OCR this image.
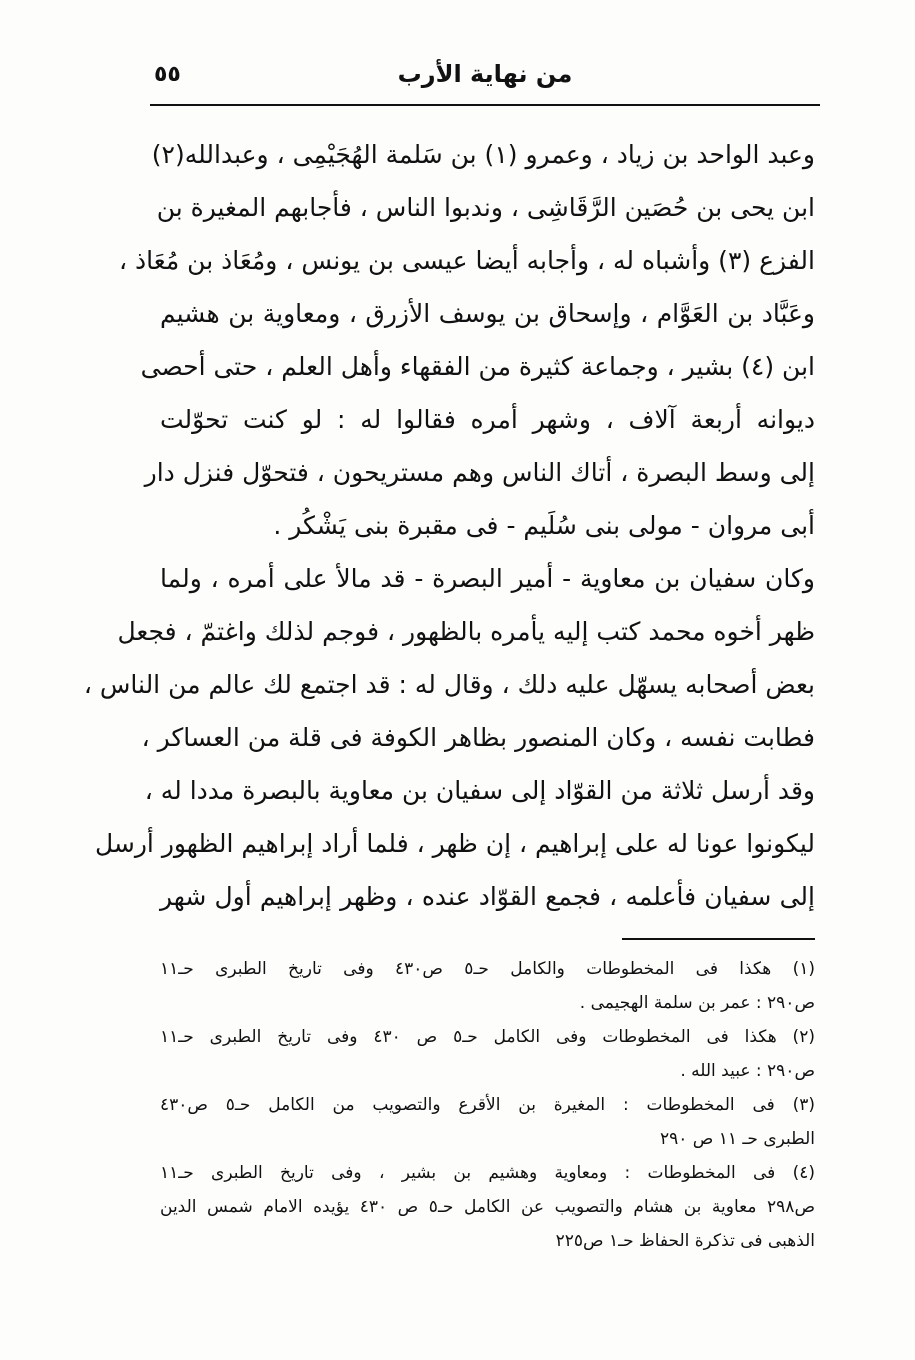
٥٥	من نهاية الأرب
وعبد الواحد بن زياد ، وعمرو (١) بن سَلمة الهُجَيْمِى ، وعبدالله(٢)
ابن يحى بن حُصَين الرَّقَاشِى ، وندبوا الناس ، فأجابهم المغيرة بن
الفزع (٣) وأشباه له ، وأجابه أيضا عيسى بن يونس ، ومُعَاذ بن مُعَاذ ،
وعَبَّاد بن العَوَّام ، وإسحاق بن يوسف الأزرق ، ومعاوية بن هشيم
ابن (٤) بشير ، وجماعة كثيرة من الفقهاء وأهل العلم ، حتى أحصى
ديوانه أربعة آلاف ، وشهر أمره فقالوا له : لو كنت تحوّلت
إلى وسط البصرة ، أتاك الناس وهم مستريحون ، فتحوّل فنزل دار
أبى مروان - مولى بنى سُلَيم - فى مقبرة بنى يَشْكُر .
وكان سفيان بن معاوية - أمير البصرة - قد مالأ على أمره ، ولما
ظهر أخوه محمد كتب إليه يأمره بالظهور ، فوجم لذلك واغتمّ ، فجعل
بعض أصحابه يسهّل عليه دلك ، وقال له : قد اجتمع لك عالم من الناس ،
فطابت نفسه ، وكان المنصور بظاهر الكوفة فى قلة من العساكر ،
وقد أرسل ثلاثة من القوّاد إلى سفيان بن معاوية بالبصرة مددا له ،
ليكونوا عونا له على إبراهيم ، إن ظهر ، فلما أراد إبراهيم الظهور أرسل
إلى سفيان فأعلمه ، فجمع القوّاد عنده ، وظهر إبراهيم أول شهر
(١) هكذا فى المخطوطات والكامل حـ٥ ص٤٣٠ وفى تاريخ الطبرى حـ١١
ص٢٩٠ : عمر بن سلمة الهجيمى .
(٢) هكذا فى المخطوطات وفى الكامل حـ٥ ص ٤٣٠ وفى تاريخ الطبرى حـ١١
ص٢٩٠ : عبيد الله .
(٣) فى المخطوطات : المغيرة بن الأقرع والتصويب من الكامل حـ٥ ص٤٣٠
الطبرى حـ ١١ ص ٢٩٠
(٤) فى المخطوطات : ومعاوية وهشيم بن بشير ، وفى تاريخ الطبرى حـ١١
ص٢٩٨ معاوية بن هشام والتصويب عن الكامل حـ٥ ص ٤٣٠ يؤيده الامام شمس الدين
الذهبى فى تذكرة الحفاظ حـ١ ص٢٢٥
